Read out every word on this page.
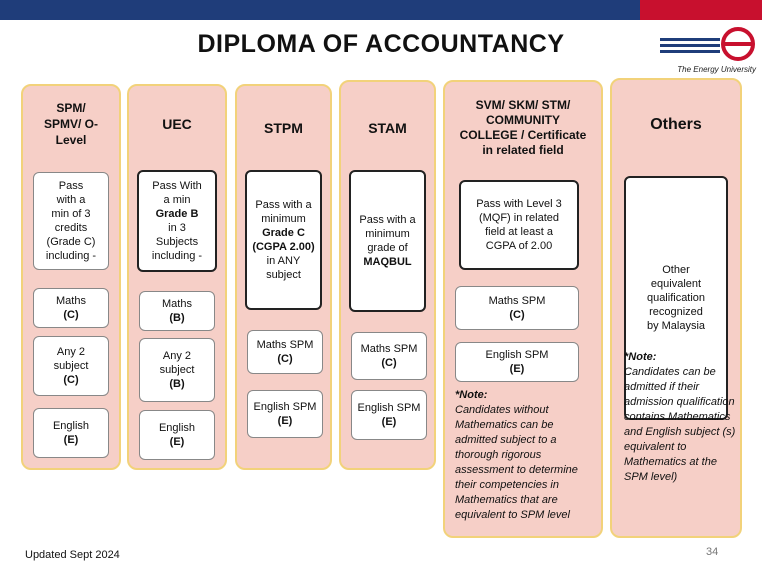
DIPLOMA OF ACCOUNTANCY
The Energy University
SPM/ SPMV/ O-Level
Pass
with a
min of 3
credits
(Grade C)
including -
Maths
(C)
Any 2 subject
(C)
English
(E)
UEC
Pass With
a min
Grade B
in 3
Subjects
including -
Maths
(B)
Any 2 subject
(B)
English
(E)
STPM
Pass with a
minimum
Grade C
(CGPA 2.00)
in ANY
subject
Maths SPM
(C)
English SPM
(E)
STAM
Pass with a
minimum
grade of
MAQBUL
Maths SPM
(C)
English SPM
(E)
SVM/ SKM/ STM/ COMMUNITY COLLEGE / Certificate in related field
Pass with Level 3
(MQF) in related
field at least a
CGPA of 2.00
Maths SPM
(C)
English SPM
(E)
*Note:
Candidates without Mathematics can be admitted subject to a thorough rigorous assessment to determine their competencies in Mathematics that are equivalent to SPM level
Others
Other
equivalent
qualification
recognized
by Malaysia
*Note:
Candidates can be admitted if their admission qualification contains Mathematics and English subject (s) equivalent to Mathematics at the SPM level)
Updated Sept 2024	34
